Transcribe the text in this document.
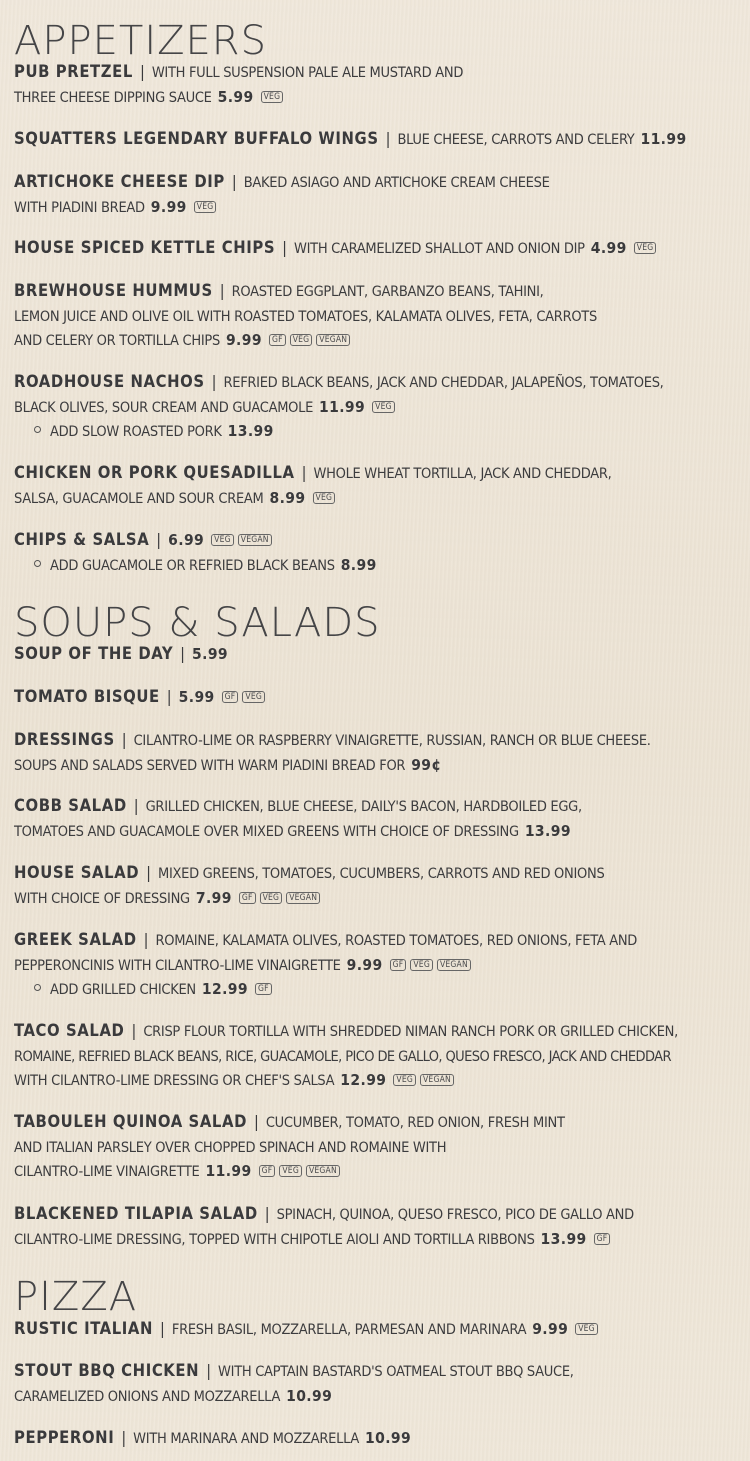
APPETIZERS
PUB PRETZEL | WITH FULL SUSPENSION PALE ALE MUSTARD AND
THREE CHEESE DIPPING SAUCE 5.99 VEG
SQUATTERS LEGENDARY BUFFALO WINGS | BLUE CHEESE, CARROTS AND CELERY 11.99
ARTICHOKE CHEESE DIP | BAKED ASIAGO AND ARTICHOKE CREAM CHEESE
WITH PIADINI BREAD 9.99 VEG
HOUSE SPICED KETTLE CHIPS | WITH CARAMELIZED SHALLOT AND ONION DIP 4.99 VEG
BREWHOUSE HUMMUS | ROASTED EGGPLANT, GARBANZO BEANS, TAHINI,
LEMON JUICE AND OLIVE OIL WITH ROASTED TOMATOES, KALAMATA OLIVES, FETA, CARROTS
AND CELERY OR TORTILLA CHIPS 9.99 GF VEG VEGAN
ROADHOUSE NACHOS | REFRIED BLACK BEANS, JACK AND CHEDDAR, JALAPEÑOS, TOMATOES,
BLACK OLIVES, SOUR CREAM AND GUACAMOLE 11.99 VEG
ADD SLOW ROASTED PORK 13.99
CHICKEN OR PORK QUESADILLA | WHOLE WHEAT TORTILLA, JACK AND CHEDDAR,
SALSA, GUACAMOLE AND SOUR CREAM 8.99 VEG
CHIPS & SALSA | 6.99 VEG VEGAN
ADD GUACAMOLE OR REFRIED BLACK BEANS 8.99
SOUPS & SALADS
SOUP OF THE DAY | 5.99
TOMATO BISQUE | 5.99 GF VEG
DRESSINGS | CILANTRO-LIME OR RASPBERRY VINAIGRETTE, RUSSIAN, RANCH OR BLUE CHEESE.
SOUPS AND SALADS SERVED WITH WARM PIADINI BREAD FOR 99¢
COBB SALAD | GRILLED CHICKEN, BLUE CHEESE, DAILY'S BACON, HARDBOILED EGG,
TOMATOES AND GUACAMOLE OVER MIXED GREENS WITH CHOICE OF DRESSING 13.99
HOUSE SALAD | MIXED GREENS, TOMATOES, CUCUMBERS, CARROTS AND RED ONIONS
WITH CHOICE OF DRESSING 7.99 GF VEG VEGAN
GREEK SALAD | ROMAINE, KALAMATA OLIVES, ROASTED TOMATOES, RED ONIONS, FETA AND
PEPPERONCINIS WITH CILANTRO-LIME VINAIGRETTE 9.99 GF VEG VEGAN
ADD GRILLED CHICKEN 12.99 GF
TACO SALAD | CRISP FLOUR TORTILLA WITH SHREDDED NIMAN RANCH PORK OR GRILLED CHICKEN,
ROMAINE, REFRIED BLACK BEANS, RICE, GUACAMOLE, PICO DE GALLO, QUESO FRESCO, JACK AND CHEDDAR
WITH CILANTRO-LIME DRESSING OR CHEF'S SALSA 12.99 VEG VEGAN
TABOULEH QUINOA SALAD | CUCUMBER, TOMATO, RED ONION, FRESH MINT
AND ITALIAN PARSLEY OVER CHOPPED SPINACH AND ROMAINE WITH
CILANTRO-LIME VINAIGRETTE 11.99 GF VEG VEGAN
BLACKENED TILAPIA SALAD | SPINACH, QUINOA, QUESO FRESCO, PICO DE GALLO AND
CILANTRO-LIME DRESSING, TOPPED WITH CHIPOTLE AIOLI AND TORTILLA RIBBONS 13.99 GF
PIZZA
RUSTIC ITALIAN | FRESH BASIL, MOZZARELLA, PARMESAN AND MARINARA 9.99 VEG
STOUT BBQ CHICKEN | WITH CAPTAIN BASTARD'S OATMEAL STOUT BBQ SAUCE,
CARAMELIZED ONIONS AND MOZZARELLA 10.99
PEPPERONI | WITH MARINARA AND MOZZARELLA 10.99
